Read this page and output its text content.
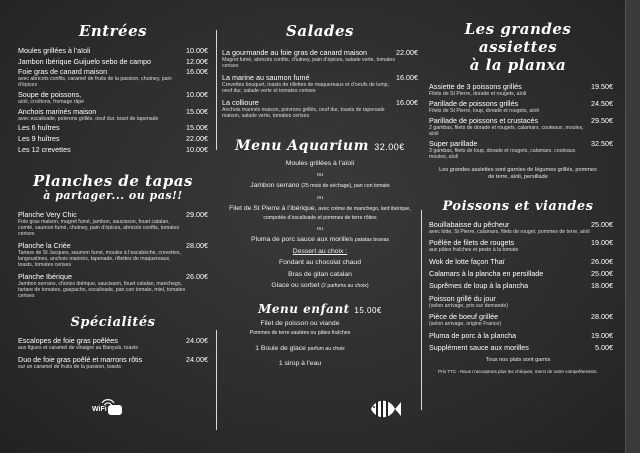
Entrées
Moules grillées à l’aïoli	10.00€
Jambon Ibérique Guijuelo sebo de campo	12.00€
Foie gras de canard maison	16.00€
avec abricots confits, caramel de fruits de la passion, chutney, pain d’épices
Soupe de poissons,	10.00€
aïoli, croûtons, fromage râpé
Anchois marinés maison	15.00€
avec escalivade, poivrons grillés, oeuf dur, toast de tapenade
Les 6 huîtres	15.00€
Les 9 huîtres	22.00€
Les 12 crevettes	10.00€
Planches de tapas
à partager... ou pas!!
Planche Very Chic	29.00€
Foie gras maison, magret fumé, jambon, saucisson, fouet catalan, comté, saumon fumé, chutney, pain d’épices, abricots confits, tomates cerises
Planche la Criée	28.00€
Tartare de St Jacques, saumon fumé, moules à l’escabèche, crevettes, langoustines, anchois marinés, tapenade, rillettes de maquereaux, toasts, tomates cerises
Planche Ibérique	26.00€
Jambon serrano, chorizo ibérique, saucisson, fouet catalan, manchego, tartare de tomates, gaspacho, escalivade, pan con tomate, miel, tomates cerises
Spécialités
Escalopes de foie gras poêlées	24.00€
aux figues et caramel de vinaigre au Banyuls, toasts
Duo de foie gras poêlé et marrons rôtis	24.00€
sur un caramel de fruits de la passion, toasts
WiFi
Salades
La gourmande au foie gras de canard maison	22.00€
Magret fumé, abricots confits, chutney, pain d’épices, salade verte, tomates cerises
La marine au saumon fumé	16.00€
Crevettes bouquet, toasts de rillettes de maquereaux et d’oeufs de lump, oeuf dur, salade verte et tomates cerises
La collioure	16.00€
Anchois marinés maison, poivrons grillés, oeuf dur, toasts de tapenade maison, salade verte, tomates cerises
Menu Aquarium 32.00€
Moules grillées à l’aïoli
ou
Jambon serrano (25 mois de séchage), pan con tomate
ou
Filet de St Pierre à l’ibérique, avec crème de manchego, lard ibérique, compotée d’escalivade et pommes de terre rôties
ou
Pluma de porc sauce aux morilles patatas bravas
Dessert au choix :
Fondant au chocolat chaud
Bras de gitan catalan
Glace ou sorbet (2 parfums au choix)
Menu enfant 15.00€
Filet de poisson ou viande
Pommes de terre sautées ou pâtes fraîches
1 Boule de glace parfum au choix
1 sirop à l’eau
Les grandes assiettes
à la planxa
Assiette de 3 poissons grillés	19.50€
Filets de St Pierre, dorade et rougets, aïoli
Parillade de poissons grillés	24.50€
Filets de St Pierre, loup, dorade et rougets, aïoli
Parillade de poissons et crustacés	29.50€
2 gambas, filets de dorade et rougets, calamars, couteaux, moules, aïoli
Super parillade	32.50€
3 gambas, filets de loup, dorade et rougets, calamars, couteaux, moules, aïoli
Les grandes assiettes sont garnies de légumes grillés, pommes de terre, aïoli, persillade
Poissons et viandes
Bouillabaisse du pêcheur	25.00€
avec lotte, St Pierre, calamars, filets de rouget, pommes de terre, aïoli
Poêlée de filets de rougets	19.00€
aux pâtes fraîches et pesto à la tomate
Wok de lotte façon Thaï	26.00€
Calamars à la plancha en persillade	25.00€
Suprêmes de loup à la plancha	18.00€
Poisson grillé du jour
(selon arrivage, prix sur demande)
Pièce de boeuf grillée	28.00€
(selon arrivage, origine France)
Pluma de porc à la plancha	19.00€
Supplément sauce aux morilles	5.00€
Tous nos plats sont garnis
Prix TTC - Nous n’acceptons plus les chèques, merci de votre compréhension.
